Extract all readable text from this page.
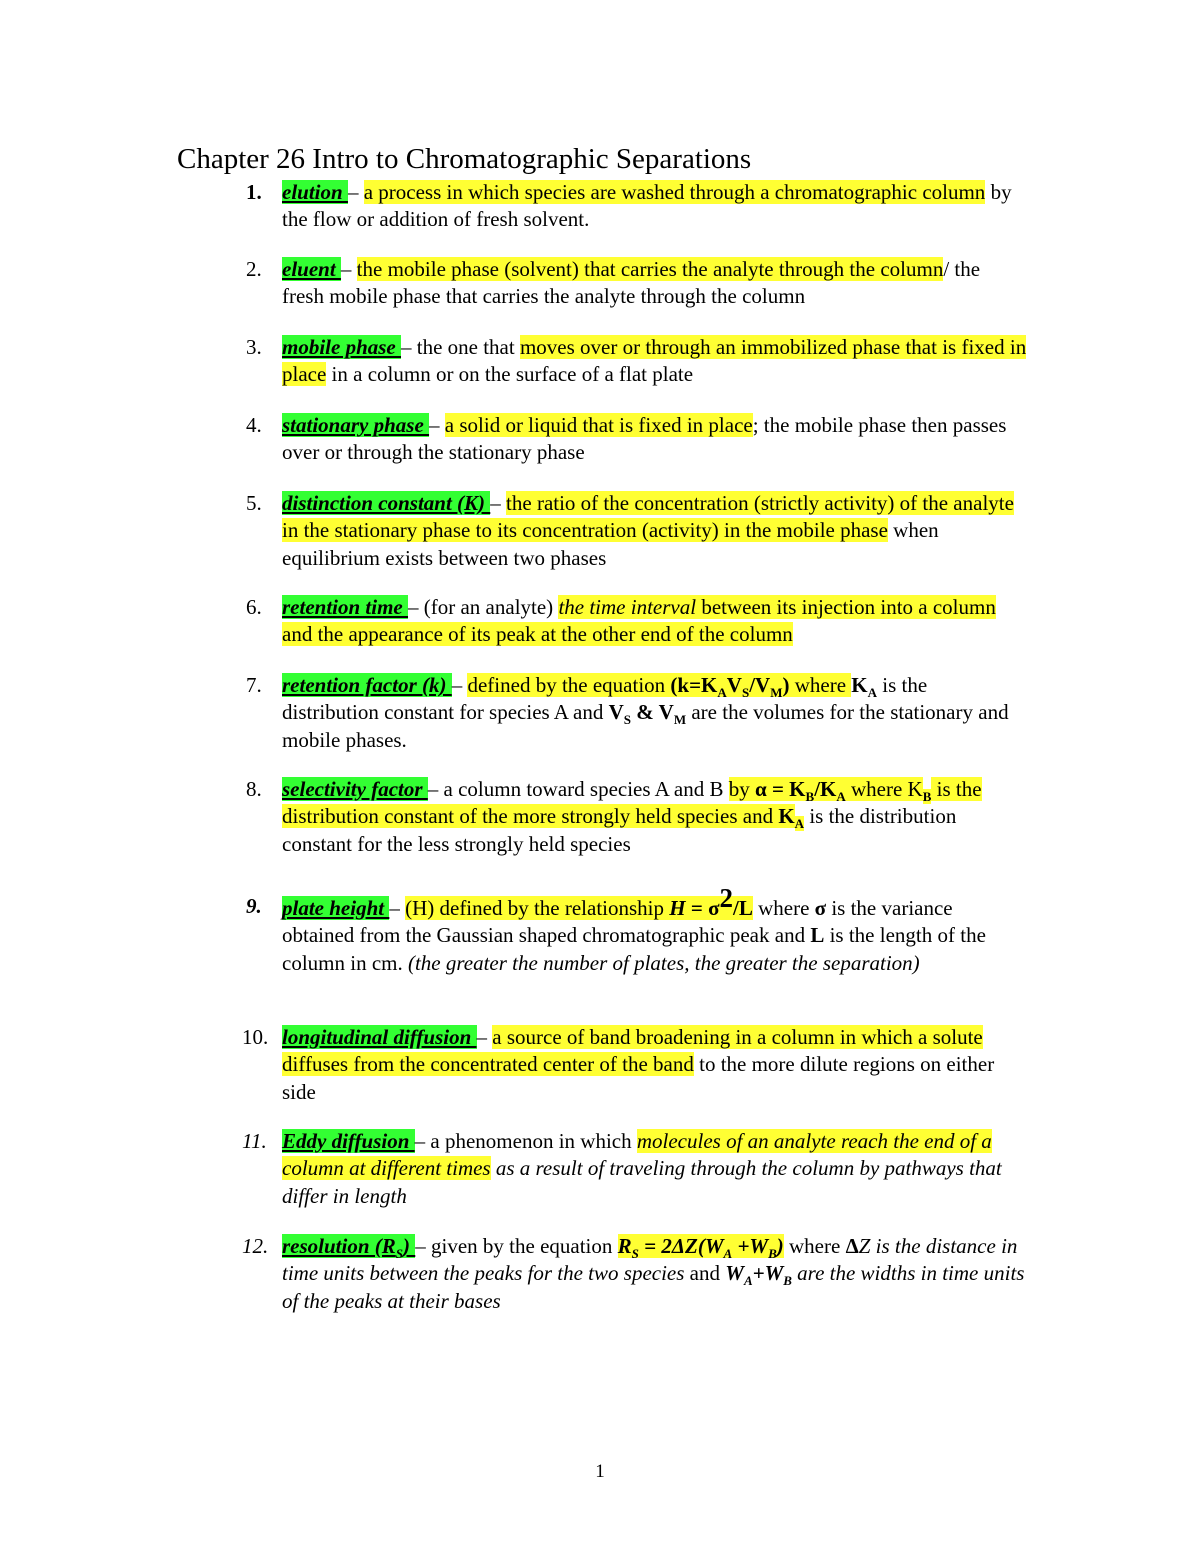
Chapter 26 Intro to Chromatographic Separations
1. elution – a process in which species are washed through a chromatographic column by the flow or addition of fresh solvent.
2. eluent – the mobile phase (solvent) that carries the analyte through the column/ the fresh mobile phase that carries the analyte through the column
3. mobile phase – the one that moves over or through an immobilized phase that is fixed in place in a column or on the surface of a flat plate
4. stationary phase – a solid or liquid that is fixed in place; the mobile phase then passes over or through the stationary phase
5. distinction constant (K) – the ratio of the concentration (strictly activity) of the analyte in the stationary phase to its concentration (activity) in the mobile phase when equilibrium exists between two phases
6. retention time – (for an analyte) the time interval between its injection into a column and the appearance of its peak at the other end of the column
7. retention factor (k) – defined by the equation $(k=K_AV_S/V_M)$ where $K_A$ is the distribution constant for species A and $V_S$ & $V_M$ are the volumes for the stationary and mobile phases.
8. selectivity factor – a column toward species A and B by $\alpha = K_B/K_A$ where $K_B$ is the distribution constant of the more strongly held species and $K_A$ is the distribution constant for the less strongly held species
9. plate height – (H) defined by the relationship $H = \sigma^2/L$ where σ is the variance obtained from the Gaussian shaped chromatographic peak and L is the length of the column in cm. (the greater the number of plates, the greater the separation)
10. longitudinal diffusion – a source of band broadening in a column in which a solute diffuses from the concentrated center of the band to the more dilute regions on either side
11. Eddy diffusion – a phenomenon in which molecules of an analyte reach the end of a column at different times as a result of traveling through the column by pathways that differ in length
12. resolution $(R_S)$ – given by the equation $R_S = 2\Delta Z(W_A +W_B)$ where ΔZ is the distance in time units between the peaks for the two species and $W_A+W_B$ are the widths in time units of the peaks at their bases
1
